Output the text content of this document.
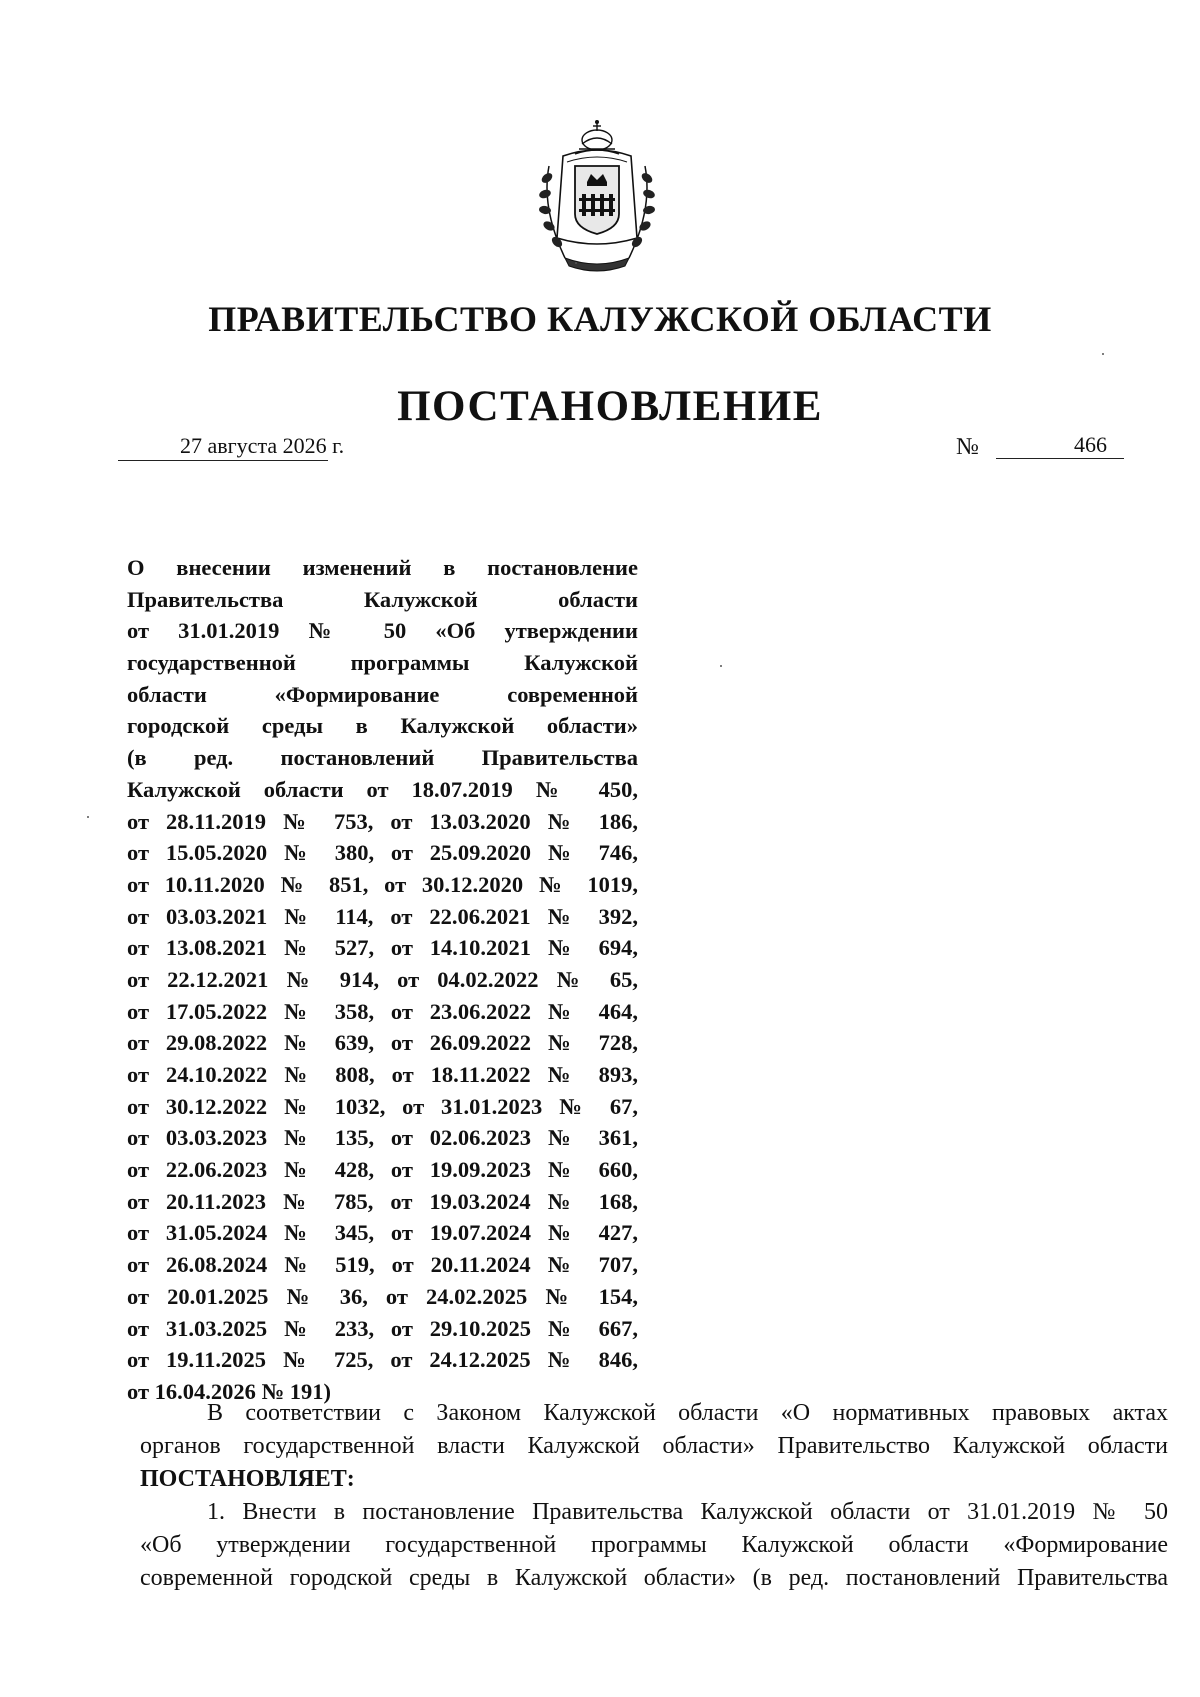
ПРАВИТЕЛЬСТВО КАЛУЖСКОЙ ОБЛАСТИ
ПОСТАНОВЛЕНИЕ
27 августа 2026 г.	№	466
О внесении изменений в постановление
Правительства Калужской области
от 31.01.2019 № 50 «Об утверждении
государственной программы Калужской
области «Формирование современной
городской среды в Калужской области»
(в ред. постановлений Правительства
Калужской области от 18.07.2019 № 450,
от 28.11.2019 № 753, от 13.03.2020 № 186,
от 15.05.2020 № 380, от 25.09.2020 № 746,
от 10.11.2020 № 851, от 30.12.2020 № 1019,
от 03.03.2021 № 114, от 22.06.2021 № 392,
от 13.08.2021 № 527, от 14.10.2021 № 694,
от 22.12.2021 № 914, от 04.02.2022 № 65,
от 17.05.2022 № 358, от 23.06.2022 № 464,
от 29.08.2022 № 639, от 26.09.2022 № 728,
от 24.10.2022 № 808, от 18.11.2022 № 893,
от 30.12.2022 № 1032, от 31.01.2023 № 67,
от 03.03.2023 № 135, от 02.06.2023 № 361,
от 22.06.2023 № 428, от 19.09.2023 № 660,
от 20.11.2023 № 785, от 19.03.2024 № 168,
от 31.05.2024 № 345, от 19.07.2024 № 427,
от 26.08.2024 № 519, от 20.11.2024 № 707,
от 20.01.2025 № 36, от 24.02.2025 № 154,
от 31.03.2025 № 233, от 29.10.2025 № 667,
от 19.11.2025 № 725, от 24.12.2025 № 846,
от 16.04.2026 № 191)
В соответствии с Законом Калужской области «О нормативных правовых актах
органов государственной власти Калужской области» Правительство Калужской области
ПОСТАНОВЛЯЕТ:
1. Внести в постановление Правительства Калужской области от 31.01.2019 № 50
«Об утверждении государственной программы Калужской области «Формирование
современной городской среды в Калужской области» (в ред. постановлений Правительства
